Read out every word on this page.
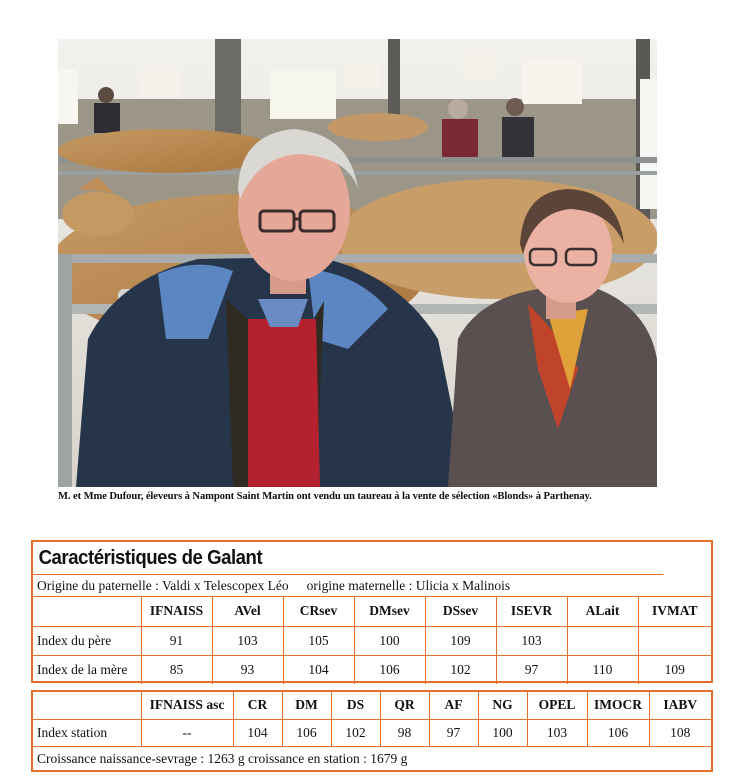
M. et Mme Dufour, éleveurs à Nampont Saint Martin ont vendu un taureau à la vente de sélection «Blonds» à Parthenay.
Caractéristiques de Galant
Origine du paternelle : Valdi x Telescopex Léo origine maternelle : Ulicia x Malinois
	IFNAISS	AVel	CRsev	DMsev	DSsev	ISEVR	ALait	IVMAT
Index du père	91	103	105	100	109	103		
Index de la mère	85	93	104	106	102	97	110	109
	IFNAISS asc	CR	DM	DS	QR	AF	NG	OPEL	IMOCR	IABV
Index station	--	104	106	102	98	97	100	103	106	108
Croissance naissance-sevrage : 1263 g croissance en station : 1679 g
